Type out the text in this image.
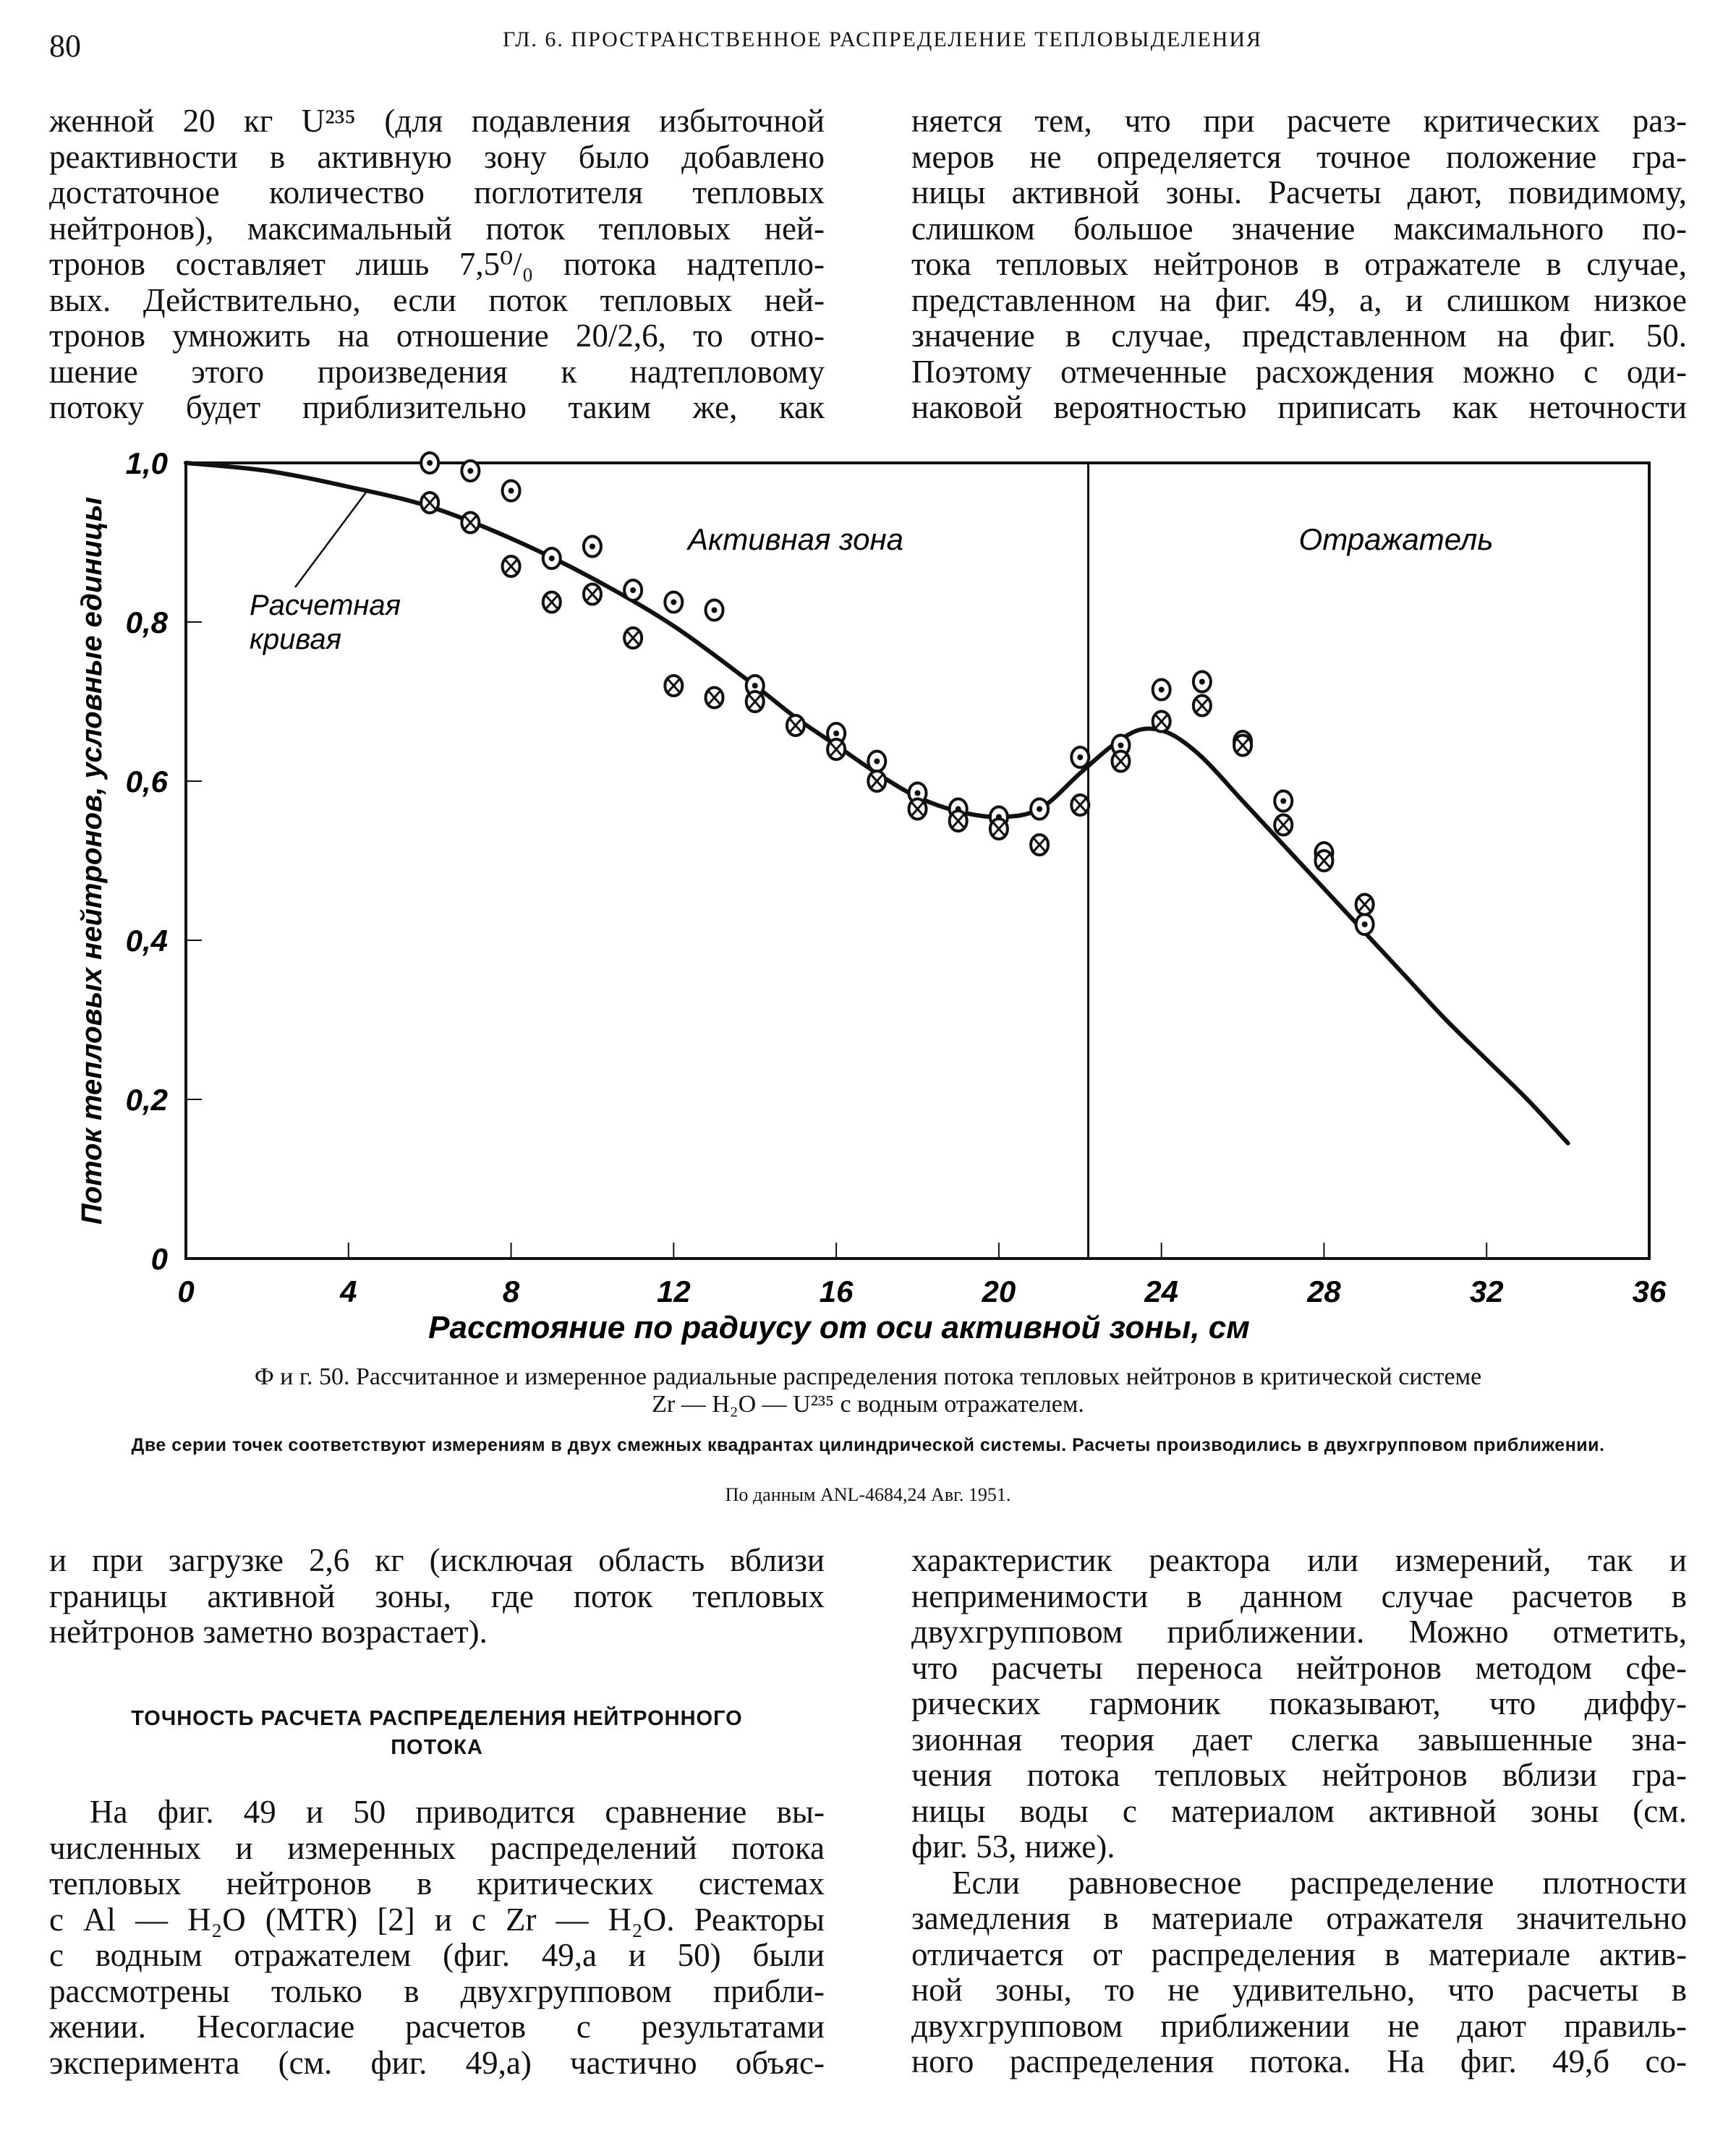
80	ГЛ. 6. ПРОСТРАНСТВЕННОЕ РАСПРЕДЕЛЕНИЕ ТЕПЛОВЫДЕЛЕНИЯ
женной 20 кг U²³⁵ (для подавления избыточной
реактивности в активную зону было добавлено
достаточное количество поглотителя тепловых
нейтронов), максимальный поток тепловых ней-
тронов составляет лишь 7,5⁰/₀ потока надтепло-
вых. Действительно, если поток тепловых ней-
тронов умножить на отношение 20/2,6, то отно-
шение этого произведения к надтепловому
потоку будет приблизительно таким же, как
няется тем, что при расчете критических раз-
меров не определяется точное положение гра-
ницы активной зоны. Расчеты дают, повидимому,
слишком большое значение максимального по-
тока тепловых нейтронов в отражателе в случае,
представленном на фиг. 49, а, и слишком низкое
значение в случае, представленном на фиг. 50.
Поэтому отмеченные расхождения можно с оди-
наковой вероятностью приписать как неточности
0	4	8	12	16	20	24	28	32	36
0
0,2
0,4
0,6
0,8
1,0
Расстояние по радиусу от оси активной зоны, см
Поток тепловых нейтронов, условные единицы	Активная зона	Отражатель
Расчетная
кривая
Ф и г. 50. Рассчитанное и измеренное радиальные распределения потока тепловых нейтронов в критической системе
Zr — H₂O — U²³⁵ с водным отражателем.
Две серии точек соответствуют измерениям в двух смежных квадрантах цилиндрической системы. Расчеты производились в двухгрупповом приближении.
По данным ANL-4684,24 Авг. 1951.
и при загрузке 2,6 кг (исключая область вблизи
границы активной зоны, где поток тепловых
нейтронов заметно возрастает).
ТОЧНОСТЬ РАСЧЕТА РАСПРЕДЕЛЕНИЯ НЕЙТРОННОГО
ПОТОКА
На фиг. 49 и 50 приводится сравнение вы-
численных и измеренных распределений потока
тепловых нейтронов в критических системах
с Al — H₂O (MTR) [2] и с Zr — H₂O. Реакторы
с водным отражателем (фиг. 49,а и 50) были
рассмотрены только в двухгрупповом прибли-
жении. Несогласие расчетов с результатами
эксперимента (см. фиг. 49,а) частично объяс-
характеристик реактора или измерений, так и
неприменимости в данном случае расчетов в
двухгрупповом приближении. Можно отметить,
что расчеты переноса нейтронов методом сфе-
рических гармоник показывают, что диффу-
зионная теория дает слегка завышенные зна-
чения потока тепловых нейтронов вблизи гра-
ницы воды с материалом активной зоны (см.
фиг. 53, ниже).
Если равновесное распределение плотности
замедления в материале отражателя значительно
отличается от распределения в материале актив-
ной зоны, то не удивительно, что расчеты в
двухгрупповом приближении не дают правиль-
ного распределения потока. На фиг. 49,б со-
